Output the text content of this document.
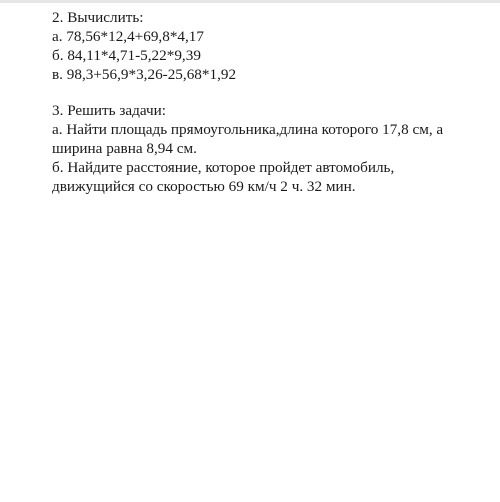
2. Вычислить:
а. 78,56*12,4+69,8*4,17
б. 84,11*4,71-5,22*9,39
в. 98,3+56,9*3,26-25,68*1,92
3. Решить задачи:
а. Найти площадь прямоугольника,длина которого 17,8 см, а ширина равна 8,94 см.
б. Найдите расстояние, которое пройдет автомобиль, движущийся со скоростью 69 км/ч 2 ч. 32 мин.
